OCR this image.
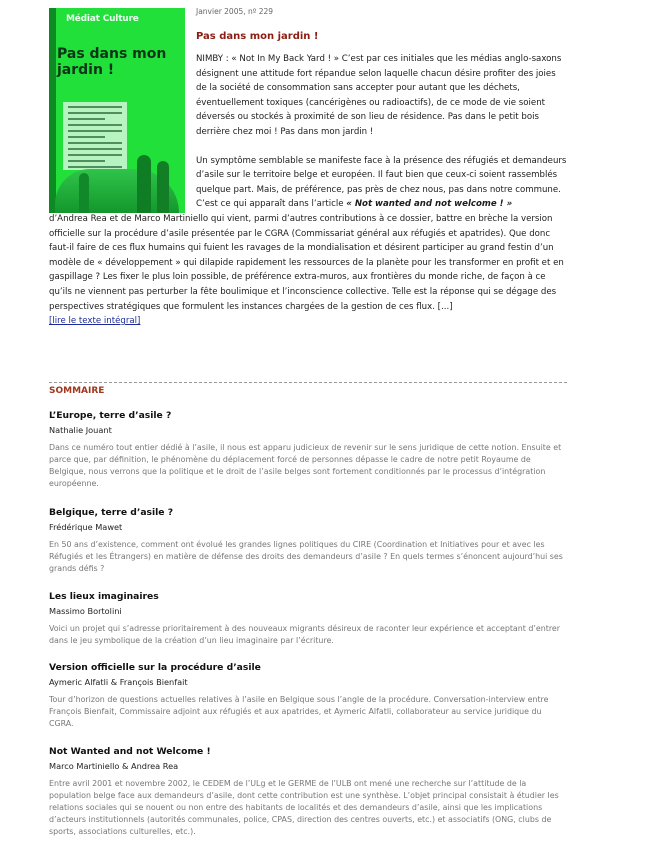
Médiat Culture
Pas dans mon jardin !
Janvier 2005, nº 229
Pas dans mon jardin !

NIMBY : « Not In My Back Yard ! » C’est par ces initiales que les médias anglo-saxons désignent une attitude fort répandue selon laquelle chacun désire profiter des joies de la société de consommation sans accepter pour autant que les déchets, éventuellement toxiques (cancérigènes ou radioactifs), de ce mode de vie soient déversés ou stockés à proximité de son lieu de résidence. Pas dans le petit bois derrière chez moi ! Pas dans mon jardin !

Un symptôme semblable se manifeste face à la présence des réfugiés et demandeurs d’asile sur le territoire belge et européen. Il faut bien que ceux-ci soient rassemblés quelque part. Mais, de préférence, pas près de chez nous, pas dans notre commune. C’est ce qui apparaît dans l’article « Not wanted and not welcome ! »

d’Andrea Rea et de Marco Martiniello qui vient, parmi d’autres contributions à ce dossier, battre en brèche la version officielle sur la procédure d’asile présentée par le CGRA (Commissariat général aux réfugiés et apatrides). Que donc faut-il faire de ces flux humains qui fuient les ravages de la mondialisation et désirent participer au grand festin d’un modèle de « développement » qui dilapide rapidement les ressources de la planète pour les transformer en profit et en gaspillage ? Les fixer le plus loin possible, de préférence extra-muros, aux frontières du monde riche, de façon à ce qu’ils ne viennent pas perturber la fête boulimique et l’inconscience collective. Telle est la réponse qui se dégage des perspectives stratégiques que formulent les instances chargées de la gestion de ces flux. [...]

[lire le texte intégral]
SOMMAIRE
L’Europe, terre d’asile ?
Nathalie Jouant
Dans ce numéro tout entier dédié à l’asile, il nous est apparu judicieux de revenir sur le sens juridique de cette notion. Ensuite et parce que, par définition, le phénomène du déplacement forcé de personnes dépasse le cadre de notre petit Royaume de Belgique, nous verrons que la politique et le droit de l’asile belges sont fortement conditionnés par le processus d’intégration européenne.
Belgique, terre d’asile ?
Frédérique Mawet
En 50 ans d’existence, comment ont évolué les grandes lignes politiques du CIRE (Coordination et Initiatives pour et avec les Réfugiés et les Étrangers) en matière de défense des droits des demandeurs d’asile ? En quels termes s’énoncent aujourd’hui ses grands défis ?
Les lieux imaginaires
Massimo Bortolini
Voici un projet qui s’adresse prioritairement à des nouveaux migrants désireux de raconter leur expérience et acceptant d’entrer dans le jeu symbolique de la création d’un lieu imaginaire par l’écriture.
Version officielle sur la procédure d’asile
Aymeric Alfatli & François Bienfait
Tour d’horizon de questions actuelles relatives à l’asile en Belgique sous l’angle de la procédure. Conversation-interview entre François Bienfait, Commissaire adjoint aux réfugiés et aux apatrides, et Aymeric Alfatli, collaborateur au service juridique du CGRA.
Not Wanted and not Welcome !
Marco Martiniello & Andrea Rea
Entre avril 2001 et novembre 2002, le CEDEM de l’ULg et le GERME de l’ULB ont mené une recherche sur l’attitude de la population belge face aux demandeurs d’asile, dont cette contribution est une synthèse. L’objet principal consistait à étudier les relations sociales qui se nouent ou non entre des habitants de localités et des demandeurs d’asile, ainsi que les implications d’acteurs institutionnels (autorités communales, police, CPAS, direction des centres ouverts, etc.) et associatifs (ONG, clubs de sports, associations culturelles, etc.).
